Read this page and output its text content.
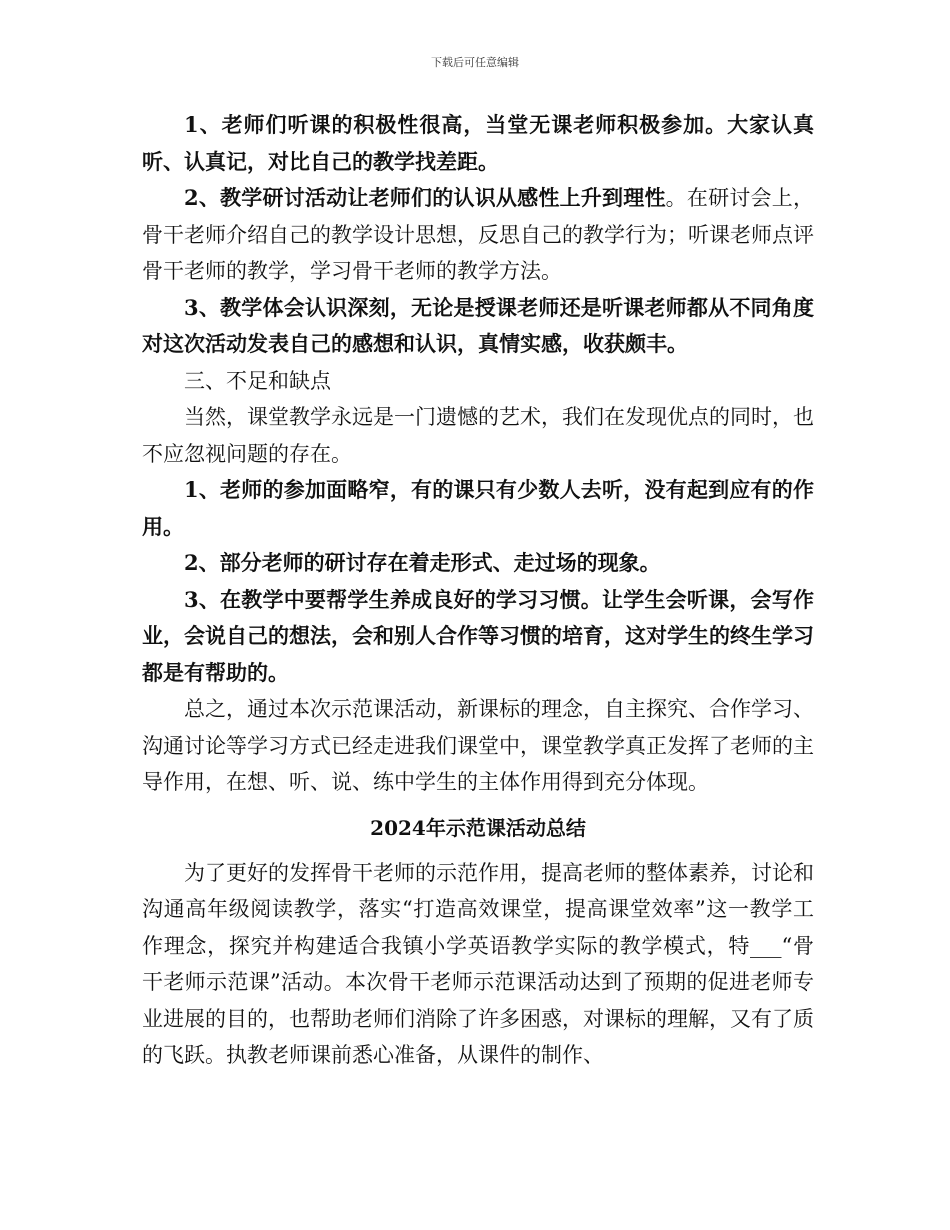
下载后可任意编辑

1、老师们听课的积极性很高，当堂无课老师积极参加。大家认真听、认真记，对比自己的教学找差距。

2、教学研讨活动让老师们的认识从感性上升到理性。在研讨会上，骨干老师介绍自己的教学设计思想，反思自己的教学行为；听课老师点评骨干老师的教学，学习骨干老师的教学方法。

3、教学体会认识深刻，无论是授课老师还是听课老师都从不同角度对这次活动发表自己的感想和认识，真情实感，收获颇丰。

三、不足和缺点

当然，课堂教学永远是一门遗憾的艺术，我们在发现优点的同时，也不应忽视问题的存在。

1、老师的参加面略窄，有的课只有少数人去听，没有起到应有的作用。

2、部分老师的研讨存在着走形式、走过场的现象。

3、在教学中要帮学生养成良好的学习习惯。让学生会听课，会写作业，会说自己的想法，会和别人合作等习惯的培育，这对学生的终生学习都是有帮助的。

总之，通过本次示范课活动，新课标的理念，自主探究、合作学习、沟通讨论等学习方式已经走进我们课堂中，课堂教学真正发挥了老师的主导作用，在想、听、说、练中学生的主体作用得到充分体现。

2024年示范课活动总结

为了更好的发挥骨干老师的示范作用，提高老师的整体素养，讨论和沟通高年级阅读教学，落实“打造高效课堂，提高课堂效率”这一教学工作理念，探究并构建适合我镇小学英语教学实际的教学模式，特___“骨干老师示范课”活动。本次骨干老师示范课活动达到了预期的促进老师专业进展的目的，也帮助老师们消除了许多困惑，对课标的理解，又有了质的飞跃。执教老师课前悉心准备，从课件的制作、
